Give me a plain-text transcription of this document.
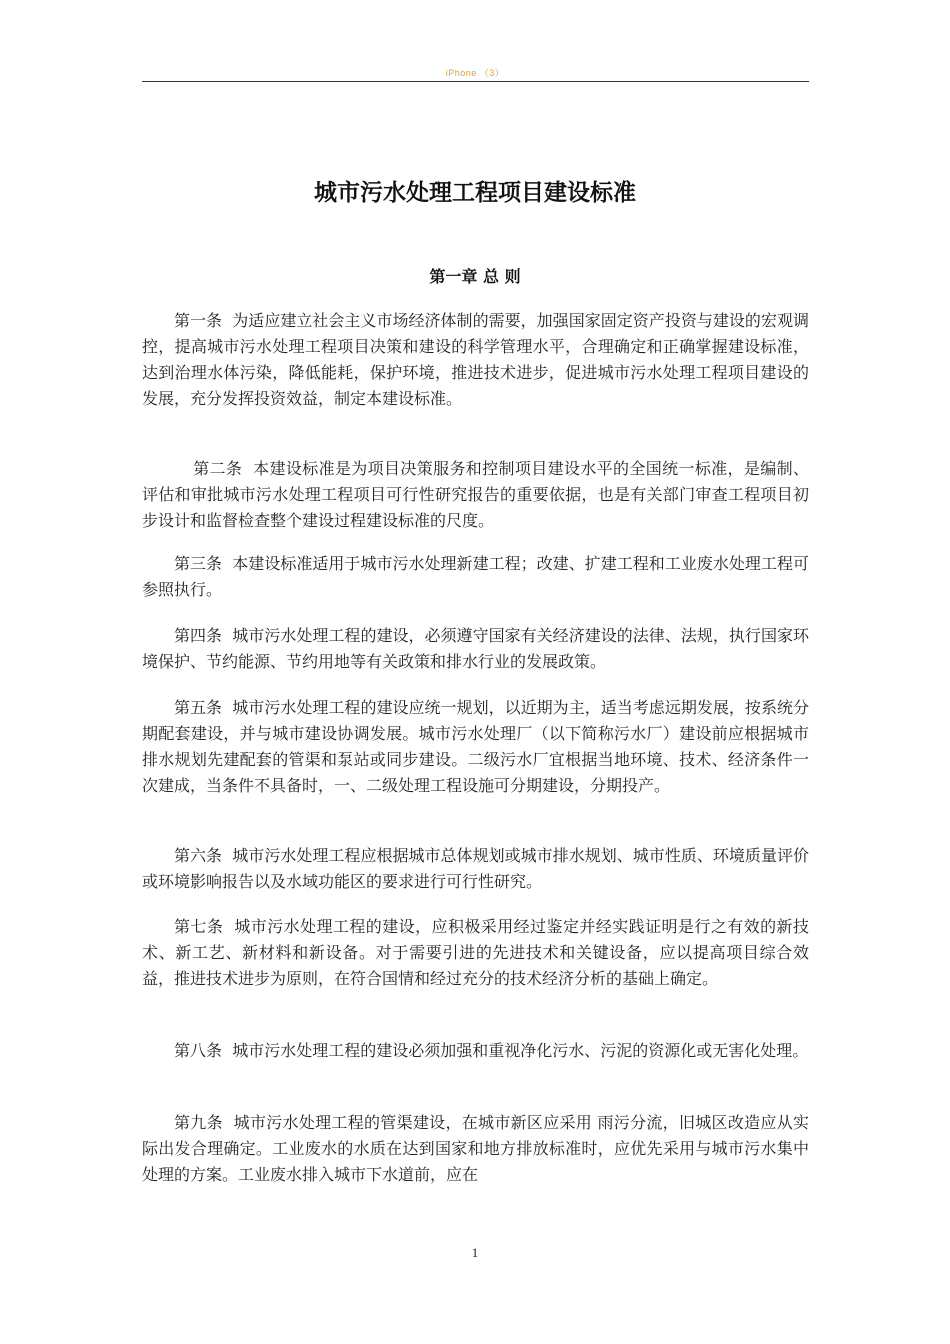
iPhone （3）
城市污水处理工程项目建设标准
第一章 总 则

第一条 为适应建立社会主义市场经济体制的需要，加强国家固定资产投资与建设的宏观调控，提高城市污水处理工程项目决策和建设的科学管理水平，合理确定和正确掌握建设标准，达到治理水体污染，降低能耗，保护环境，推进技术进步，促进城市污水处理工程项目建设的发展，充分发挥投资效益，制定本建设标准。

第二条 本建设标准是为项目决策服务和控制项目建设水平的全国统一标准，是编制、评估和审批城市污水处理工程项目可行性研究报告的重要依据，也是有关部门审查工程项目初步设计和监督检查整个建设过程建设标准的尺度。

第三条 本建设标准适用于城市污水处理新建工程；改建、扩建工程和工业废水处理工程可参照执行。

第四条 城市污水处理工程的建设，必须遵守国家有关经济建设的法律、法规，执行国家环境保护、节约能源、节约用地等有关政策和排水行业的发展政策。

第五条 城市污水处理工程的建设应统一规划，以近期为主，适当考虑远期发展，按系统分期配套建设，并与城市建设协调发展。城市污水处理厂（以下简称污水厂）建设前应根据城市排水规划先建配套的管渠和泵站或同步建设。二级污水厂宜根据当地环境、技术、经济条件一次建成，当条件不具备时，一、二级处理工程设施可分期建设，分期投产。

第六条 城市污水处理工程应根据城市总体规划或城市排水规划、城市性质、环境质量评价或环境影响报告以及水域功能区的要求进行可行性研究。

第七条 城市污水处理工程的建设，应积极采用经过鉴定并经实践证明是行之有效的新技术、新工艺、新材料和新设备。对于需要引进的先进技术和关键设备，应以提高项目综合效益，推进技术进步为原则，在符合国情和经过充分的技术经济分析的基础上确定。

第八条 城市污水处理工程的建设必须加强和重视净化污水、污泥的资源化或无害化处理。

第九条 城市污水处理工程的管渠建设，在城市新区应采用 雨污分流，旧城区改造应从实际出发合理确定。工业废水的水质在达到国家和地方排放标准时，应优先采用与城市污水集中处理的方案。工业废水排入城市下水道前，应在

1
